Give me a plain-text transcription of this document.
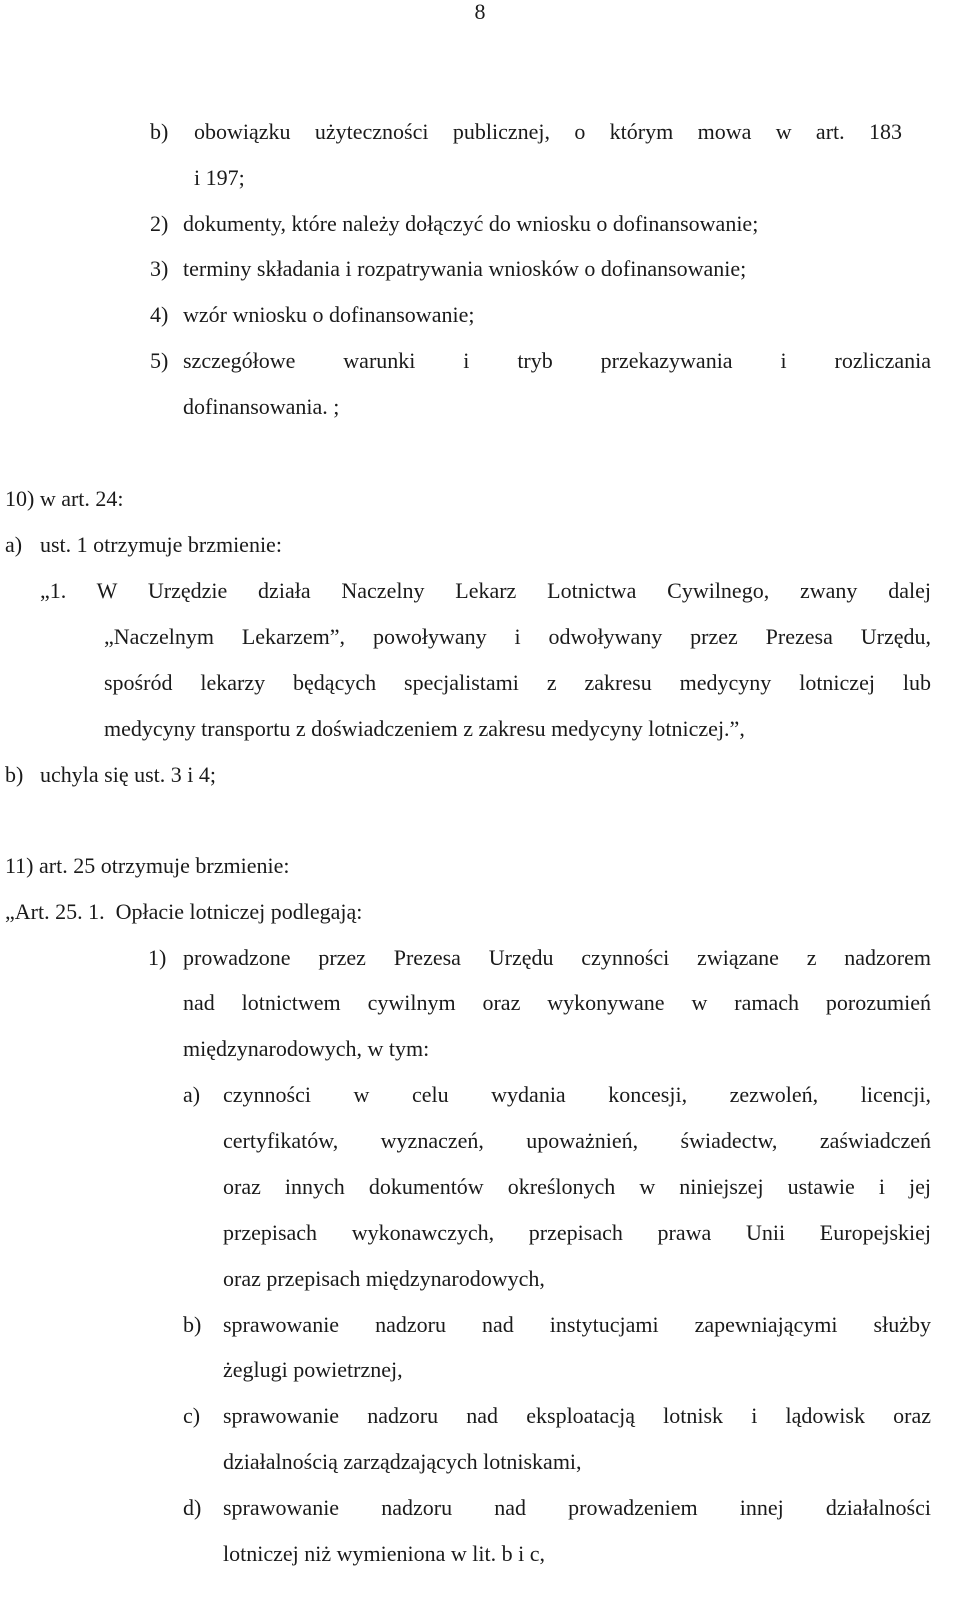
8
b) obowiązku użyteczności publicznej, o którym mowa w art. 183
i 197;
2) dokumenty, które należy dołączyć do wniosku o dofinansowanie;
3) terminy składania i rozpatrywania wniosków o dofinansowanie;
4) wzór wniosku o dofinansowanie;
5) szczegółowe warunki i tryb przekazywania i rozliczania
dofinansowania. ;
10) w art. 24:
a) ust. 1 otrzymuje brzmienie:
„1. W Urzędzie działa Naczelny Lekarz Lotnictwa Cywilnego, zwany dalej
„Naczelnym Lekarzem”, powoływany i odwoływany przez Prezesa Urzędu,
spośród lekarzy będących specjalistami z zakresu medycyny lotniczej lub
medycyny transportu z doświadczeniem z zakresu medycyny lotniczej.”,
b) uchyla się ust. 3 i 4;
11) art. 25 otrzymuje brzmienie:
„Art. 25. 1.  Opłacie lotniczej podlegają:
1) prowadzone przez Prezesa Urzędu czynności związane z nadzorem
nad lotnictwem cywilnym oraz wykonywane w ramach porozumień
międzynarodowych, w tym:
a) czynności w celu wydania koncesji, zezwoleń, licencji,
certyfikatów, wyznaczeń, upoważnień, świadectw, zaświadczeń
oraz innych dokumentów określonych w niniejszej ustawie i jej
przepisach wykonawczych, przepisach prawa Unii Europejskiej
oraz przepisach międzynarodowych,
b) sprawowanie nadzoru nad instytucjami zapewniającymi służby
żeglugi powietrznej,
c) sprawowanie nadzoru nad eksploatacją lotnisk i lądowisk oraz
działalnością zarządzających lotniskami,
d) sprawowanie nadzoru nad prowadzeniem innej działalności
lotniczej niż wymieniona w lit. b i c,
